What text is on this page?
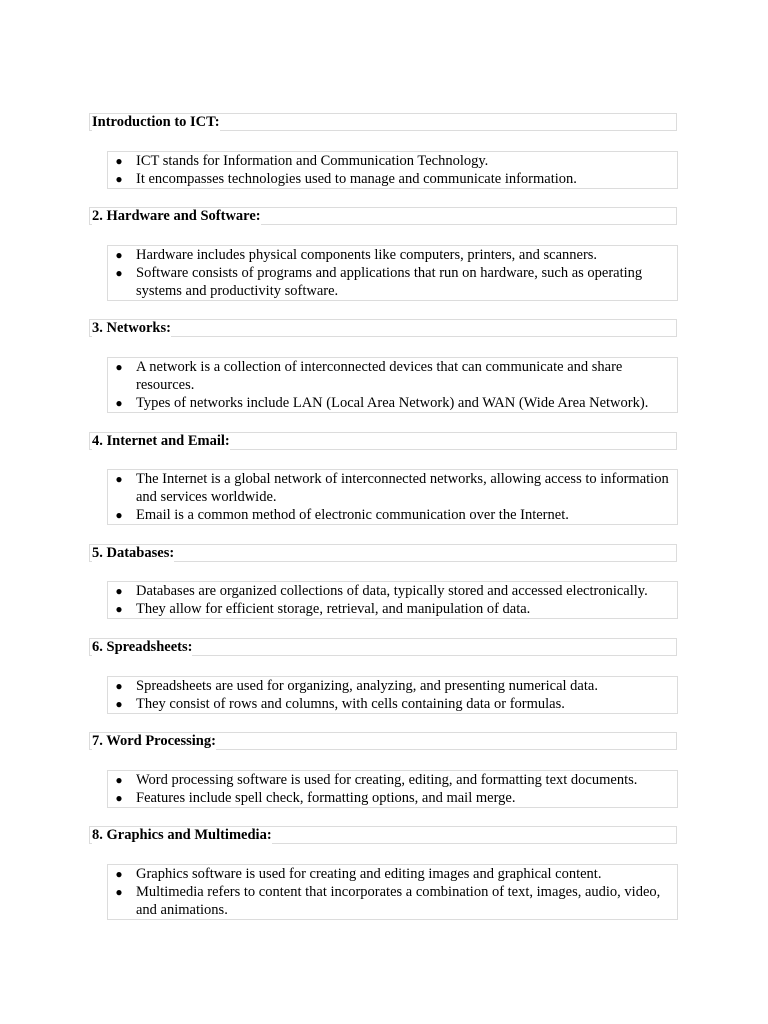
Introduction to ICT:
● ICT stands for Information and Communication Technology.
● It encompasses technologies used to manage and communicate information.
2. Hardware and Software:
● Hardware includes physical components like computers, printers, and scanners.
● Software consists of programs and applications that run on hardware, such as operating systems and productivity software.
3. Networks:
● A network is a collection of interconnected devices that can communicate and share resources.
● Types of networks include LAN (Local Area Network) and WAN (Wide Area Network).
4. Internet and Email:
● The Internet is a global network of interconnected networks, allowing access to information and services worldwide.
● Email is a common method of electronic communication over the Internet.
5. Databases:
● Databases are organized collections of data, typically stored and accessed electronically.
● They allow for efficient storage, retrieval, and manipulation of data.
6. Spreadsheets:
● Spreadsheets are used for organizing, analyzing, and presenting numerical data.
● They consist of rows and columns, with cells containing data or formulas.
7. Word Processing:
● Word processing software is used for creating, editing, and formatting text documents.
● Features include spell check, formatting options, and mail merge.
8. Graphics and Multimedia:
● Graphics software is used for creating and editing images and graphical content.
● Multimedia refers to content that incorporates a combination of text, images, audio, video, and animations.
